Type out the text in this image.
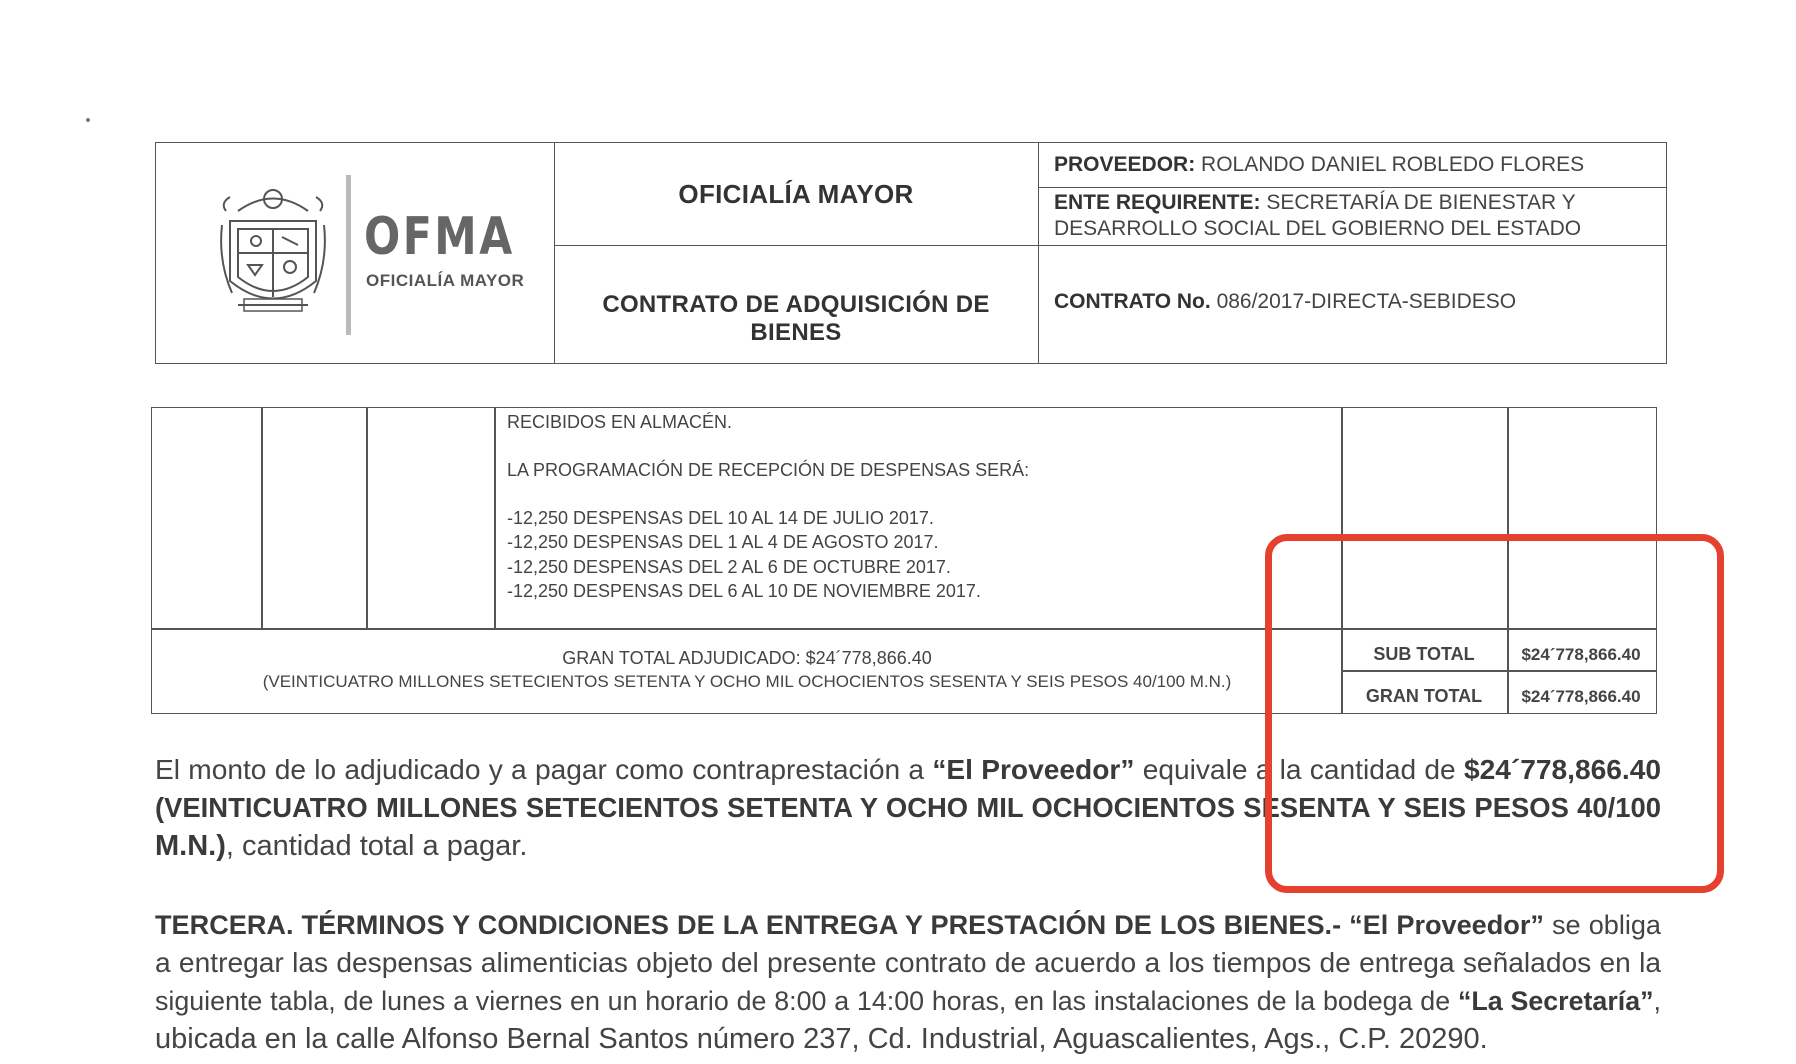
OFMA
OFICIALÍA MAYOR
OFICIALÍA MAYOR
CONTRATO DE ADQUISICIÓN DE BIENES
PROVEEDOR: ROLANDO DANIEL ROBLEDO FLORES
ENTE REQUIRENTE: SECRETARÍA DE BIENESTAR Y
DESARROLLO SOCIAL DEL GOBIERNO DEL ESTADO
CONTRATO No. 086/2017-DIRECTA-SEBIDESO
RECIBIDOS EN ALMACÉN.
LA PROGRAMACIÓN DE RECEPCIÓN DE DESPENSAS SERÁ:
-12,250 DESPENSAS DEL 10 AL 14 DE JULIO 2017.
-12,250 DESPENSAS DEL 1 AL 4 DE AGOSTO 2017.
-12,250 DESPENSAS DEL 2 AL 6 DE OCTUBRE 2017.
-12,250 DESPENSAS DEL 6 AL 10 DE NOVIEMBRE 2017.
GRAN TOTAL ADJUDICADO: $24´778,866.40
(VEINTICUATRO MILLONES SETECIENTOS SETENTA Y OCHO MIL OCHOCIENTOS SESENTA Y SEIS PESOS 40/100 M.N.)
SUB TOTAL	$24´778,866.40
GRAN TOTAL	$24´778,866.40
El monto de lo adjudicado y a pagar como contraprestación a “El Proveedor” equivale a la cantidad de $24´778,866.40
(VEINTICUATRO MILLONES SETECIENTOS SETENTA Y OCHO MIL OCHOCIENTOS SESENTA Y SEIS PESOS 40/100
M.N.), cantidad total a pagar.
TERCERA. TÉRMINOS Y CONDICIONES DE LA ENTREGA Y PRESTACIÓN DE LOS BIENES.- “El Proveedor” se obliga
a entregar las despensas alimenticias objeto del presente contrato de acuerdo a los tiempos de entrega señalados en la
siguiente tabla, de lunes a viernes en un horario de 8:00 a 14:00 horas, en las instalaciones de la bodega de “La Secretaría”,
ubicada en la calle Alfonso Bernal Santos número 237, Cd. Industrial, Aguascalientes, Ags., C.P. 20290.
